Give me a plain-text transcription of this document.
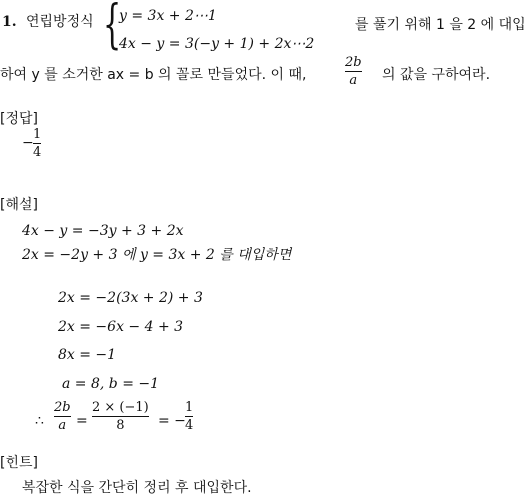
1. 연립방정식 {
y = 3x + 2⋯1
4x − y = 3(−y + 1) + 2x⋯2
를 풀기 위해 1 을 2 에 대입
하여 y 를 소거한 ax = b 의 꼴로 만들었다. 이 때,
2b
a 의 값을 구하여라.
[정답]
−
1
4
[해설]
4x − y = −3y + 3 + 2x
2x = −2y + 3 에 y = 3x + 2 를 대입하면
2x = −2(3x + 2) + 3
2x = −6x − 4 + 3
8x = −1
a = 8, b = −1
∴
2b
a =
2 × (−1)
8 = −
1
4
[힌트]
복잡한 식을 간단히 정리 후 대입한다.
